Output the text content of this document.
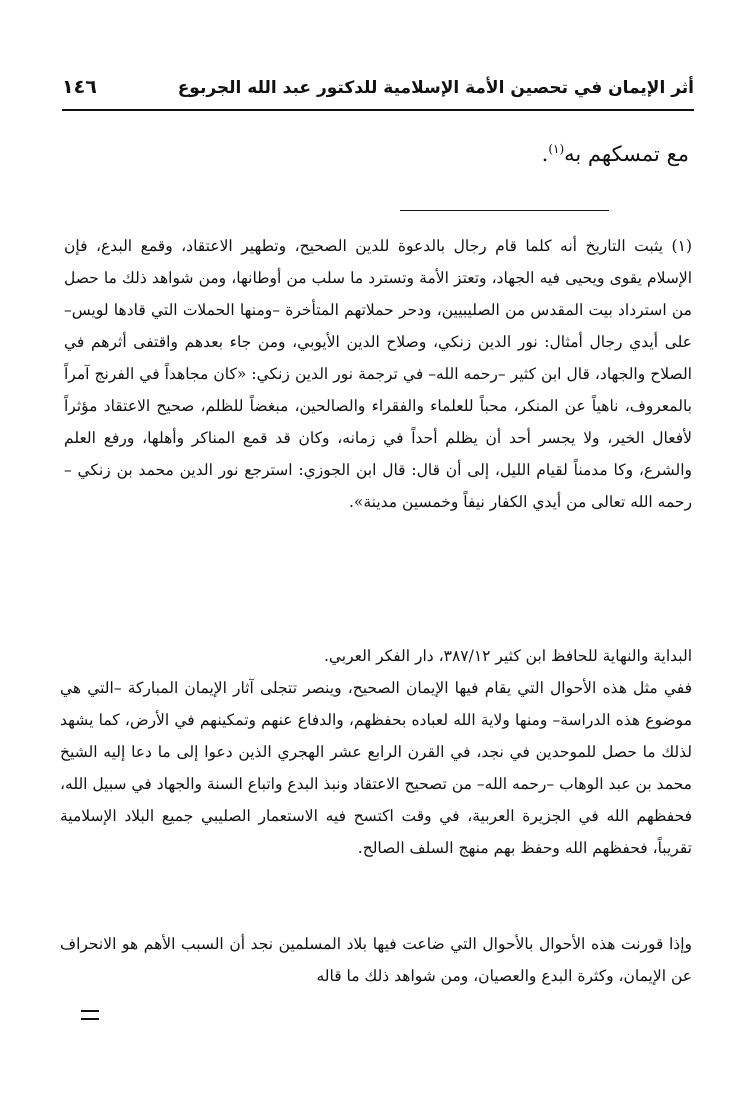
أثر الإيمان في تحصين الأمة الإسلامية للدكتور عبد الله الجربوع
١٤٦
مع تمسكهم به$^{(١)}$.
(١) يثبت التاريخ أنه كلما قام رجال بالدعوة للدين الصحيح، وتطهير الاعتقاد، وقمع البدع، فإن الإسلام يقوى ويحيى فيه الجهاد، وتعتز الأمة وتسترد ما سلب من أوطانها، ومن شواهد ذلك ما حصل من استرداد بيت المقدس من الصليبيين، ودحر حملاتهم المتأخرة –ومنها الحملات التي قادها لويس– على أيدي رجال أمثال: نور الدين زنكي، وصلاح الدين الأيوبي، ومن جاء بعدهم واقتفى أثرهم في الصلاح والجهاد، قال ابن كثير –رحمه الله– في ترجمة نور الدين زنكي: «كان مجاهداً في الفرنج آمراً بالمعروف، ناهياً عن المنكر، محباً للعلماء والفقراء والصالحين، مبغضاً للظلم، صحيح الاعتقاد مؤثراً لأفعال الخير، ولا يجسر أحد أن يظلم أحداً في زمانه، وكان قد قمع المناكر وأهلها، ورفع العلم والشرع، وكا مدمناً لقيام الليل، إلى أن قال: قال ابن الجوزي: استرجع نور الدين محمد بن زنكي –رحمه الله تعالى من أيدي الكفار نيفاً وخمسين مدينة».
البداية والنهاية للحافظ ابن كثير ٣٨٧/١٢، دار الفكر العربي.
ففي مثل هذه الأحوال التي يقام فيها الإيمان الصحيح، وينصر تتجلى آثار الإيمان المباركة –التي هي موضوع هذه الدراسة– ومنها ولاية الله لعباده بحفظهم، والدفاع عنهم وتمكينهم في الأرض، كما يشهد لذلك ما حصل للموحدين في نجد، في القرن الرابع عشر الهجري الذين دعوا إلى ما دعا إليه الشيخ محمد بن عبد الوهاب –رحمه الله– من تصحيح الاعتقاد ونبذ البدع واتباع السنة والجهاد في سبيل الله، فحفظهم الله في الجزيرة العربية، في وقت اكتسح فيه الاستعمار الصليبي جميع البلاد الإسلامية تقريباً، فحفظهم الله وحفظ بهم منهج السلف الصالح.
وإذا قورنت هذه الأحوال بالأحوال التي ضاعت فيها بلاد المسلمين نجد أن السبب الأهم هو الانحراف عن الإيمان، وكثرة البدع والعصيان، ومن شواهد ذلك ما قاله
